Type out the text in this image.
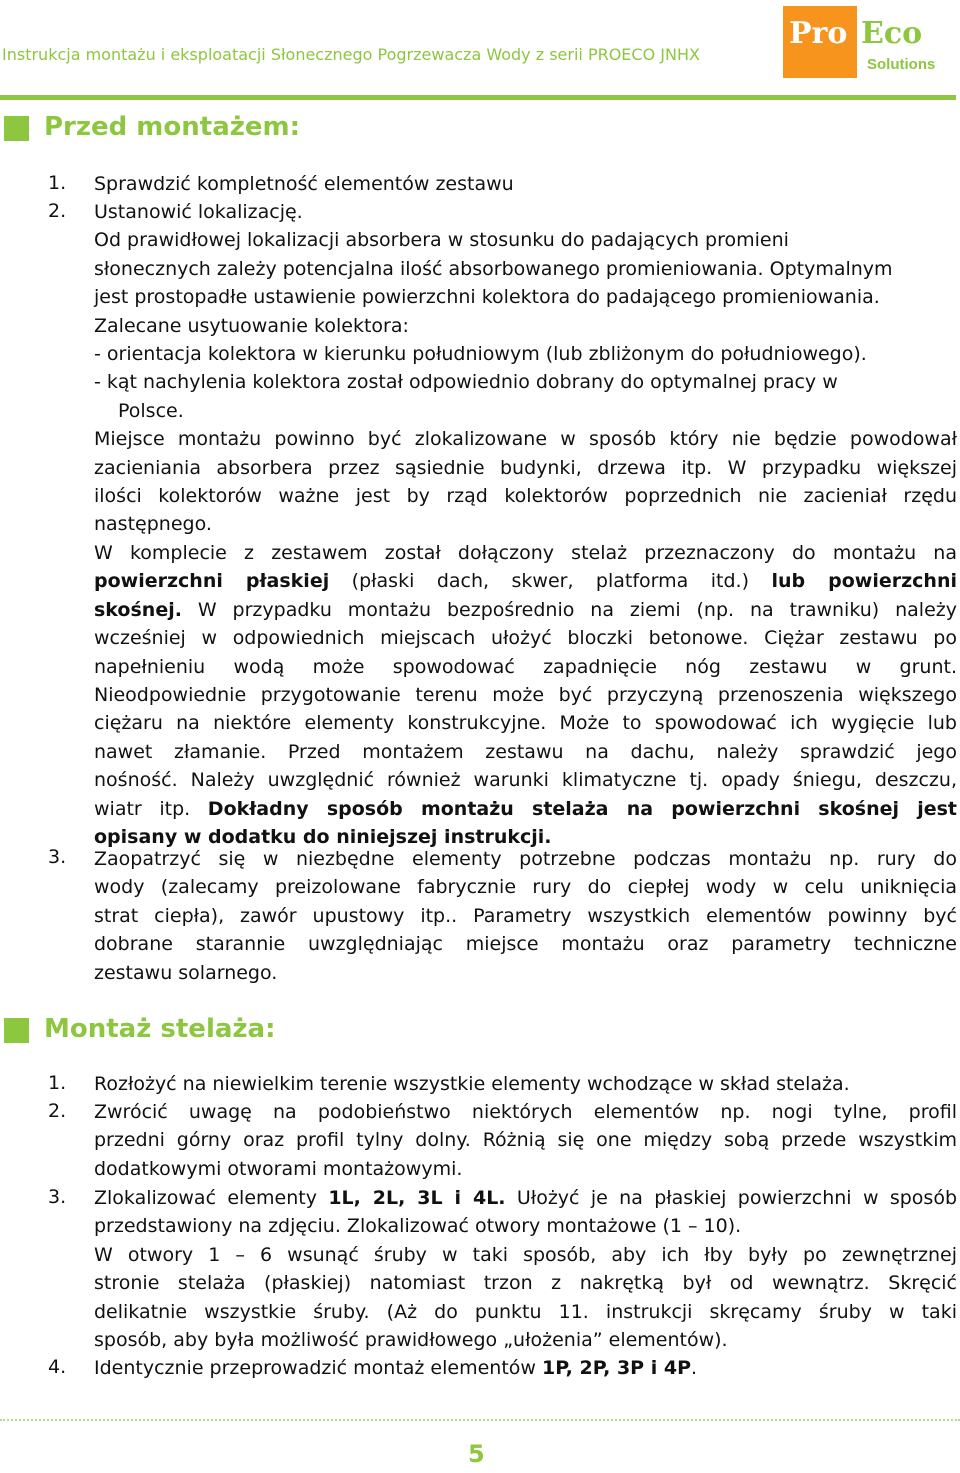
Instrukcja montażu i eksploatacji Słonecznego Pogrzewacza Wody z serii PROECO JNHX
Pro Eco
Solutions
Przed montażem:
1. Sprawdzić kompletność elementów zestawu

2. Ustanowić lokalizację.

Od prawidłowej lokalizacji absorbera w stosunku do padających promieni

słonecznych zależy potencjalna ilość absorbowanego promieniowania. Optymalnym

jest prostopadłe ustawienie powierzchni kolektora do padającego promieniowania.

Zalecane usytuowanie kolektora:

- orientacja kolektora w kierunku południowym (lub zbliżonym do południowego).

- kąt nachylenia kolektora został odpowiednio dobrany do optymalnej pracy w

Polsce.

Miejsce montażu powinno być zlokalizowane w sposób który nie będzie powodował

zacieniania absorbera przez sąsiednie budynki, drzewa itp. W przypadku większej

ilości kolektorów ważne jest by rząd kolektorów poprzednich nie zacieniał rzędu

następnego.

W komplecie z zestawem został dołączony stelaż przeznaczony do montażu na

powierzchni płaskiej (płaski dach, skwer, platforma itd.) lub powierzchni

skośnej. W przypadku montażu bezpośrednio na ziemi (np. na trawniku) należy

wcześniej w odpowiednich miejscach ułożyć bloczki betonowe. Ciężar zestawu po

napełnieniu wodą może spowodować zapadnięcie nóg zestawu w grunt.

Nieodpowiednie przygotowanie terenu może być przyczyną przenoszenia większego

ciężaru na niektóre elementy konstrukcyjne. Może to spowodować ich wygięcie lub

nawet złamanie. Przed montażem zestawu na dachu, należy sprawdzić jego

nośność. Należy uwzględnić również warunki klimatyczne tj. opady śniegu, deszczu,

wiatr itp. Dokładny sposób montażu stelaża na powierzchni skośnej jest

opisany w dodatku do niniejszej instrukcji.

3. Zaopatrzyć się w niezbędne elementy potrzebne podczas montażu np. rury do

wody (zalecamy preizolowane fabrycznie rury do ciepłej wody w celu uniknięcia

strat ciepła), zawór upustowy itp.. Parametry wszystkich elementów powinny być

dobrane starannie uwzględniając miejsce montażu oraz parametry techniczne

zestawu solarnego.

Montaż stelaża:
1. Rozłożyć na niewielkim terenie wszystkie elementy wchodzące w skład stelaża.

2. Zwrócić uwagę na podobieństwo niektórych elementów np. nogi tylne, profil

przedni górny oraz profil tylny dolny. Różnią się one między sobą przede wszystkim

dodatkowymi otworami montażowymi.

3. Zlokalizować elementy 1L, 2L, 3L i 4L. Ułożyć je na płaskiej powierzchni w sposób

przedstawiony na zdjęciu. Zlokalizować otwory montażowe (1 – 10).

W otwory 1 – 6 wsunąć śruby w taki sposób, aby ich łby były po zewnętrznej

stronie stelaża (płaskiej) natomiast trzon z nakrętką był od wewnątrz. Skręcić

delikatnie wszystkie śruby. (Aż do punktu 11. instrukcji skręcamy śruby w taki

sposób, aby była możliwość prawidłowego „ułożenia” elementów).

4. Identycznie przeprowadzić montaż elementów 1P, 2P, 3P i 4P.

5
